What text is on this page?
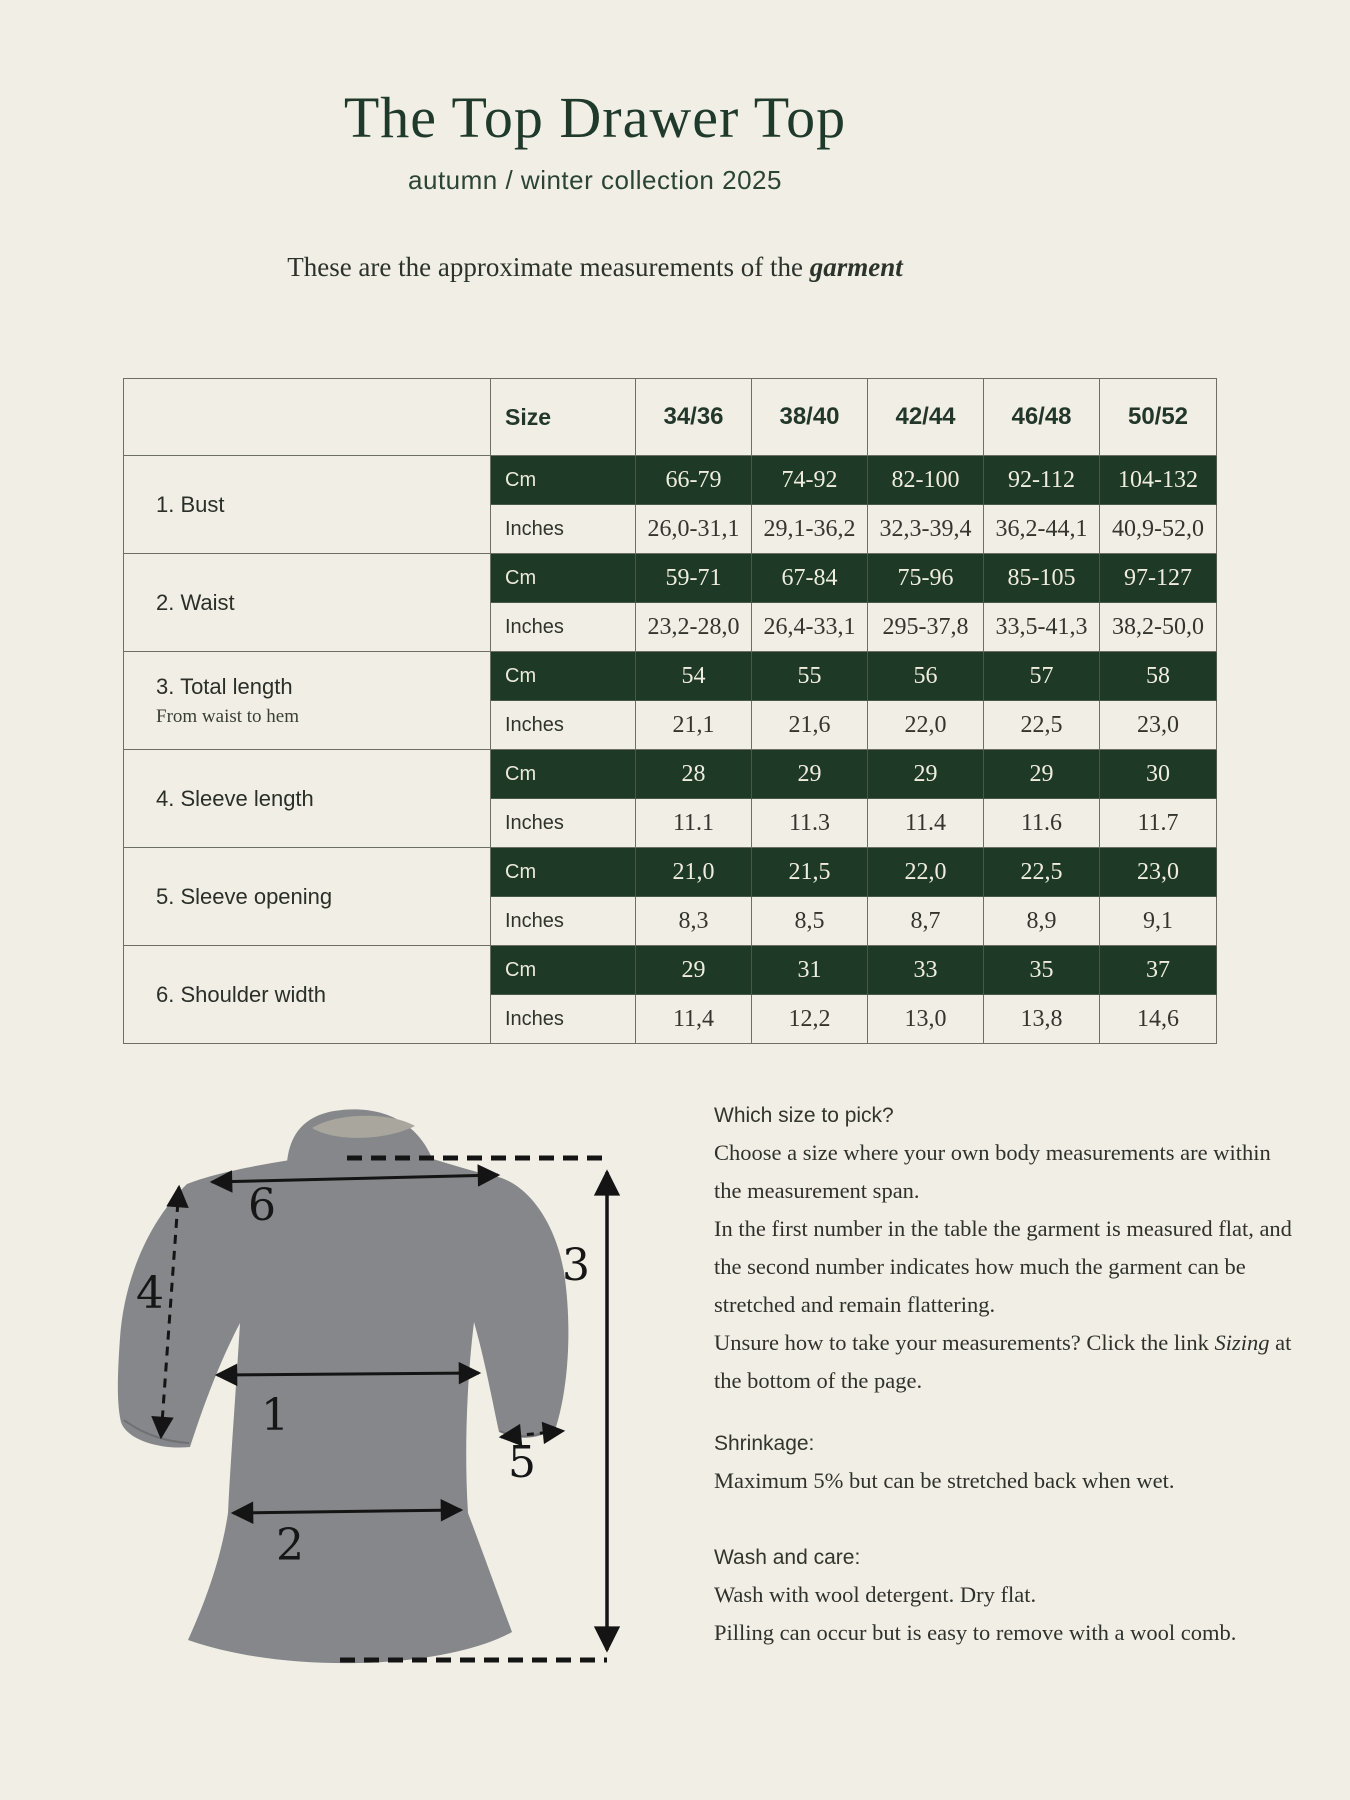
The Top Drawer Top
autumn / winter collection 2025
These are the approximate measurements of the garment
	Size	34/36	38/40	42/44	46/48	50/52

1. Bust	Cm	66-79	74-92	82-100	92-112	104-132
	Inches	26,0-31,1	29,1-36,2	32,3-39,4	36,2-44,1	40,9-52,0

2. Waist	Cm	59-71	67-84	75-96	85-105	97-127
	Inches	23,2-28,0	26,4-33,1	295-37,8	33,5-41,3	38,2-50,0

3. Total length
From waist to hem	Cm	54	55	56	57	58
	Inches	21,1	21,6	22,0	22,5	23,0

4. Sleeve length	Cm	28	29	29	29	30
	Inches	11.1	11.3	11.4	11.6	11.7

5. Sleeve opening	Cm	21,0	21,5	22,0	22,5	23,0
	Inches	8,3	8,5	8,7	8,9	9,1

6. Shoulder width	Cm	29	31	33	35	37
	Inches	11,4	12,2	13,0	13,8	14,6
1
2
3
4
5
6

Which size to pick?

Choose a size where your own body measurements are within the measurement span.

In the first number in the table the garment is measured flat, and the second number indicates how much the garment can be stretched and remain flattering.

Unsure how to take your measurements? Click the link Sizing at the bottom of the page.

Shrinkage:

Maximum 5% but can be stretched back when wet.

Wash and care:

Wash with wool detergent. Dry flat.

Pilling can occur but is easy to remove with a wool comb.
